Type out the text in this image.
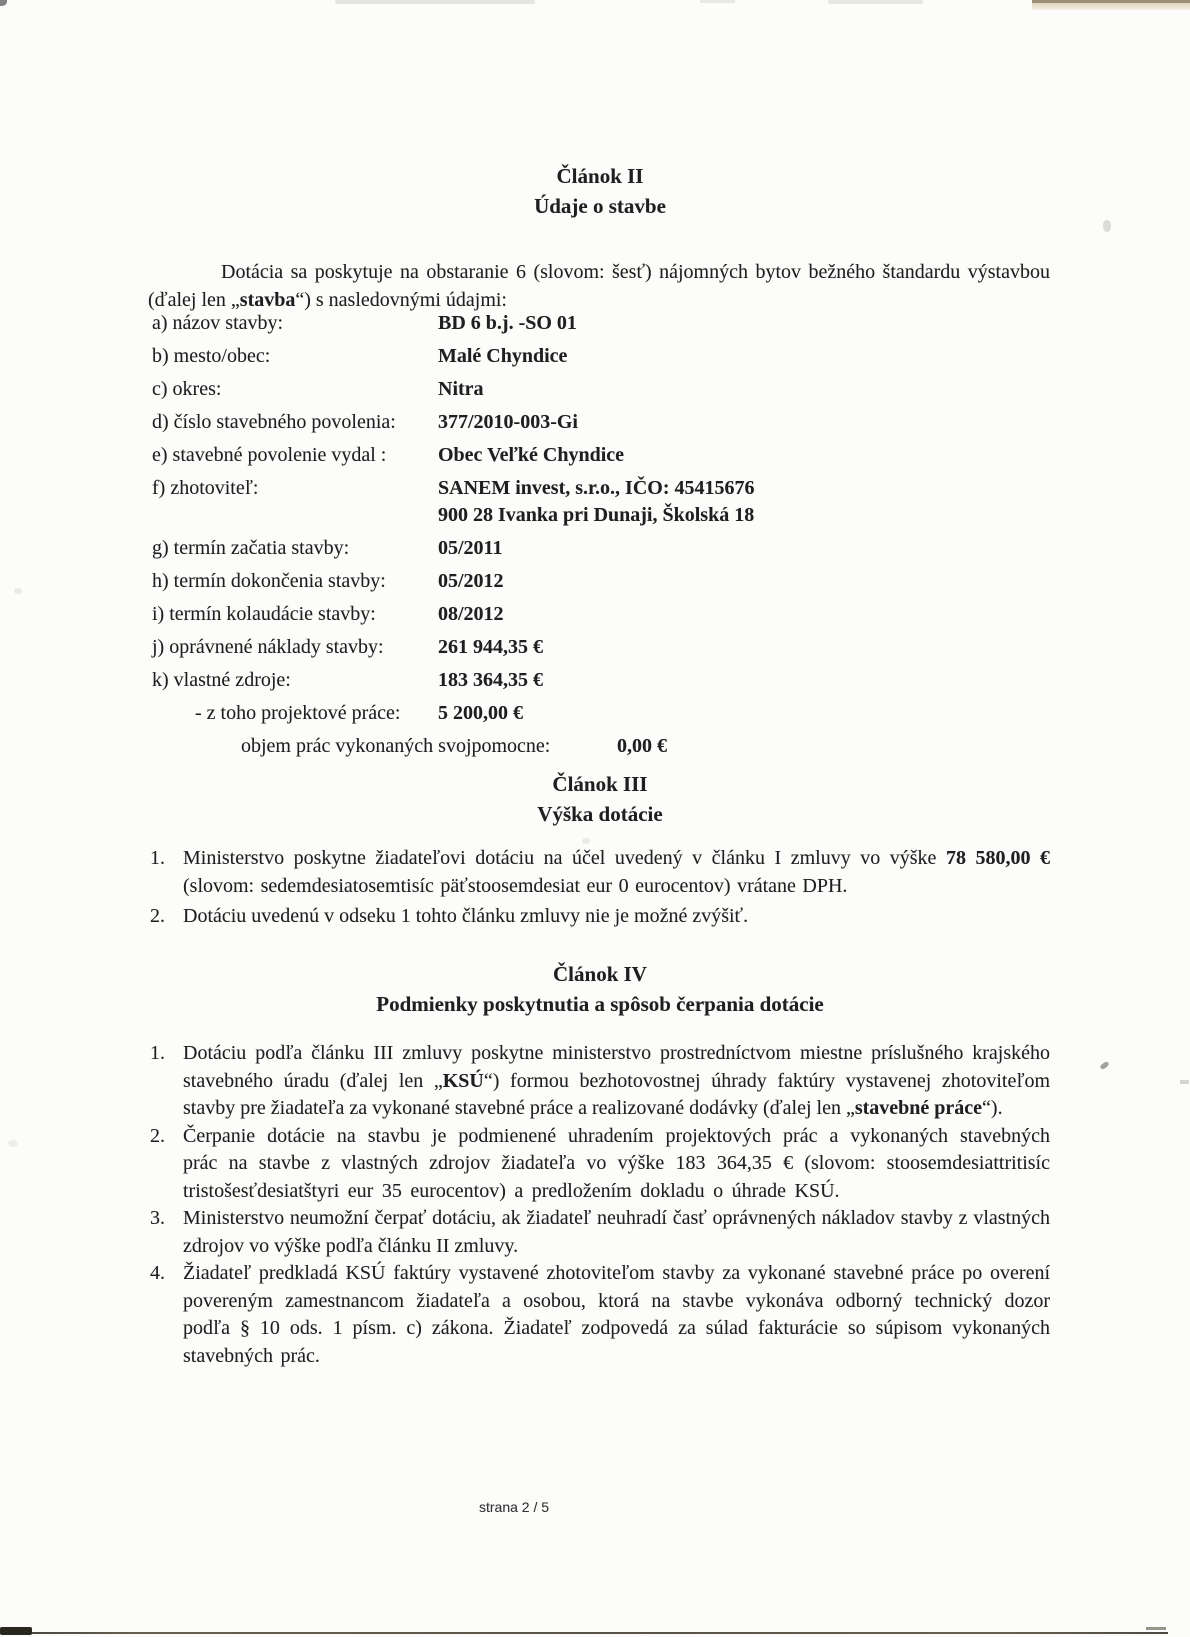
Článok II
Údaje o stavbe

Dotácia sa poskytuje na obstaranie 6 (slovom: šesť) nájomných bytov bežného štandardu výstavbou (ďalej len „stavba“) s nasledovnými údajmi:

a) názov stavby:	BD 6 b.j. -SO 01
b) mesto/obec:	Malé Chyndice
c) okres:	Nitra
d) číslo stavebného povolenia:	377/2010-003-Gi
e) stavebné povolenie vydal :	Obec Veľké Chyndice
f) zhotoviteľ:	SANEM invest, s.r.o., IČO: 45415676
900 28 Ivanka pri Dunaji, Školská 18
g) termín začatia stavby:	05/2011
h) termín dokončenia stavby:	05/2012
i) termín kolaudácie stavby:	08/2012
j) oprávnené náklady stavby:	261 944,35 €
k) vlastné zdroje:	183 364,35 €
- z toho projektové práce:	5 200,00 €
objem prác vykonaných svojpomocne:	0,00 €
Článok III
Výška dotácie
1. Ministerstvo poskytne žiadateľovi dotáciu na účel uvedený v článku I zmluvy vo výške 78 580,00 € (slovom: sedemdesiatosemtisíc päťstoosemdesiat eur 0 eurocentov) vrátane DPH.
2. Dotáciu uvedenú v odseku 1 tohto článku zmluvy nie je možné zvýšiť.
Článok IV
Podmienky poskytnutia a spôsob čerpania dotácie
1. Dotáciu podľa článku III zmluvy poskytne ministerstvo prostredníctvom miestne príslušného krajského stavebného úradu (ďalej len „KSÚ“) formou bezhotovostnej úhrady faktúry vystavenej zhotoviteľom stavby pre žiadateľa za vykonané stavebné práce a realizované dodávky (ďalej len „stavebné práce“).
2. Čerpanie dotácie na stavbu je podmienené uhradením projektových prác a vykonaných stavebných prác na stavbe z vlastných zdrojov žiadateľa vo výške 183 364,35 € (slovom: stoosemdesiattritisíc tristošesťdesiatštyri eur 35 eurocentov) a predložením dokladu o úhrade KSÚ.
3. Ministerstvo neumožní čerpať dotáciu, ak žiadateľ neuhradí časť oprávnených nákladov stavby z vlastných zdrojov vo výške podľa článku II zmluvy.
4. Žiadateľ predkladá KSÚ faktúry vystavené zhotoviteľom stavby za vykonané stavebné práce po overení povereným zamestnancom žiadateľa a osobou, ktorá na stavbe vykonáva odborný technický dozor podľa § 10 ods. 1 písm. c) zákona. Žiadateľ zodpovedá za súlad fakturácie so súpisom vykonaných stavebných prác.
strana 2 / 5
